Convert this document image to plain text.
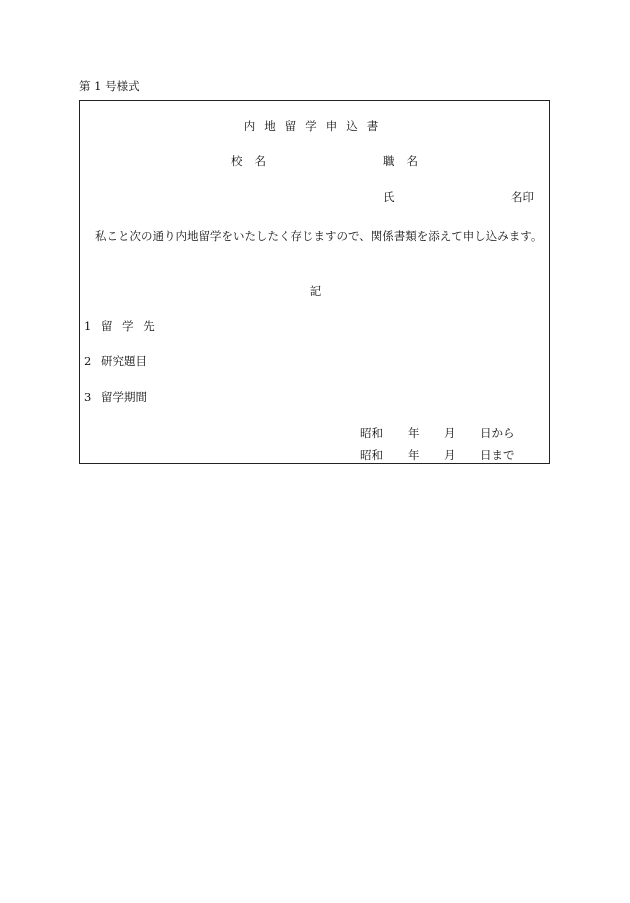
第 1 号様式
内地留学申込書
校名	職名
氏	名印
私こと次の通り内地留学をいたしたく存じますので、関係書類を添えて申し込みます。
記
1 留 学 先
2 研究題目
3 留学期間
昭和	年	月	日から
昭和	年	月	日まで
